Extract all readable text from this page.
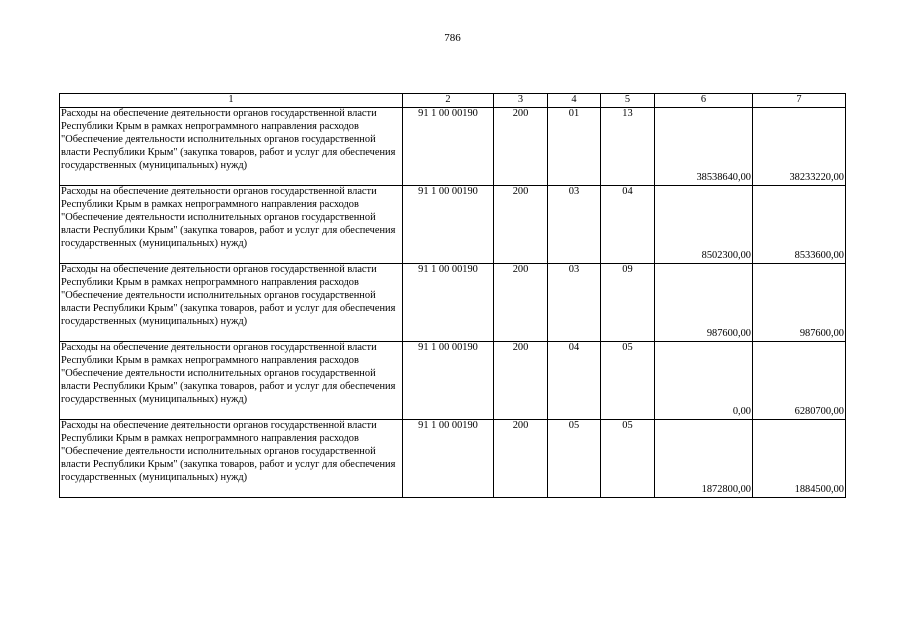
786
1	2	3	4	5	6	7
Расходы на обеспечение деятельности органов государственной власти Республики Крым в рамках непрограммного направления расходов "Обеспечение деятельности исполнительных органов государственной власти Республики Крым" (закупка товаров, работ и услуг для обеспечения государственных (муниципальных) нужд)	91 1 00 00190	200	01	13	38538640,00	38233220,00
Расходы на обеспечение деятельности органов государственной власти Республики Крым в рамках непрограммного направления расходов "Обеспечение деятельности исполнительных органов государственной власти Республики Крым" (закупка товаров, работ и услуг для обеспечения государственных (муниципальных) нужд)	91 1 00 00190	200	03	04	8502300,00	8533600,00
Расходы на обеспечение деятельности органов государственной власти Республики Крым в рамках непрограммного направления расходов "Обеспечение деятельности исполнительных органов государственной власти Республики Крым" (закупка товаров, работ и услуг для обеспечения государственных (муниципальных) нужд)	91 1 00 00190	200	03	09	987600,00	987600,00
Расходы на обеспечение деятельности органов государственной власти Республики Крым в рамках непрограммного направления расходов "Обеспечение деятельности исполнительных органов государственной власти Республики Крым" (закупка товаров, работ и услуг для обеспечения государственных (муниципальных) нужд)	91 1 00 00190	200	04	05	0,00	6280700,00
Расходы на обеспечение деятельности органов государственной власти Республики Крым в рамках непрограммного направления расходов "Обеспечение деятельности исполнительных органов государственной власти Республики Крым" (закупка товаров, работ и услуг для обеспечения государственных (муниципальных) нужд)	91 1 00 00190	200	05	05	1872800,00	1884500,00
